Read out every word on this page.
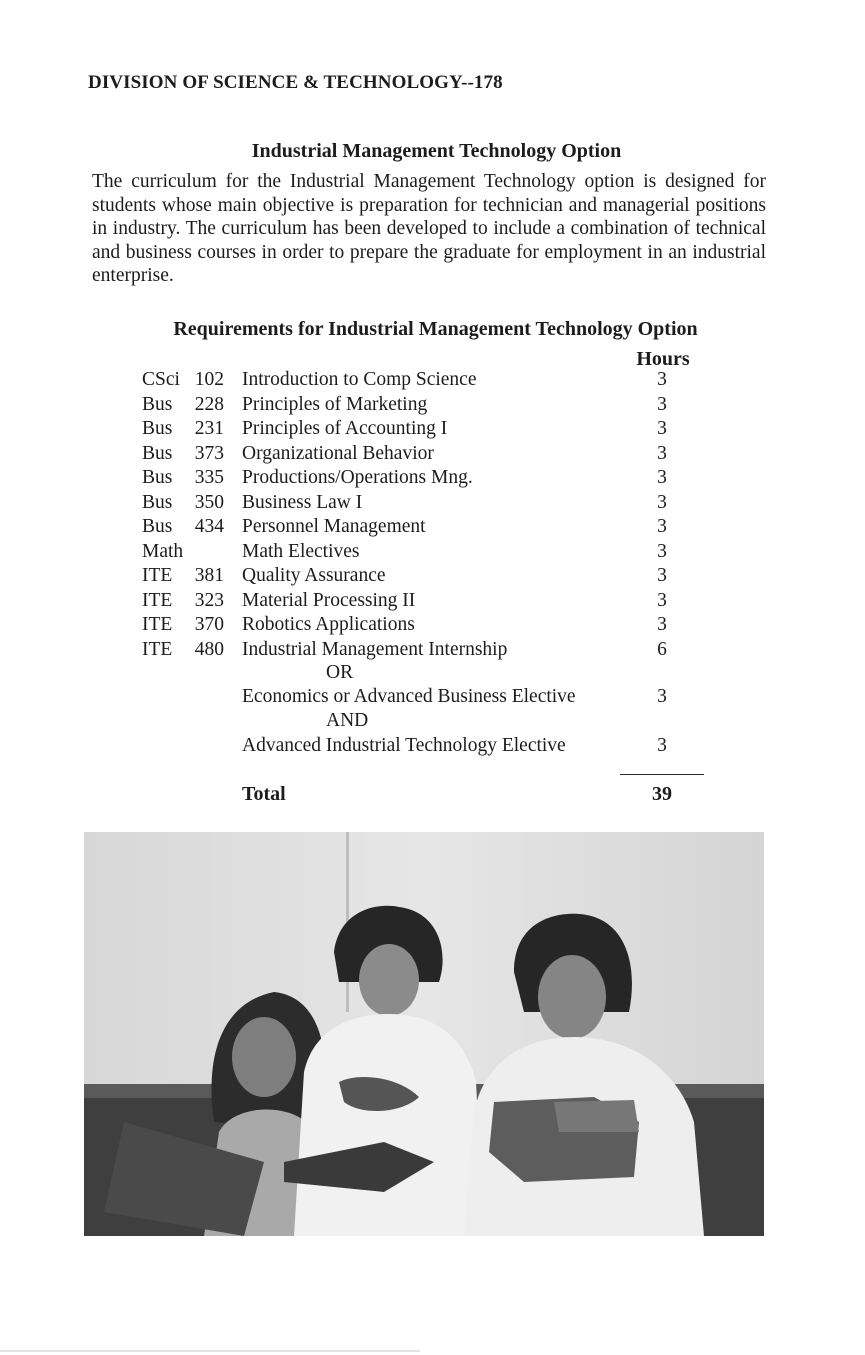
DIVISION OF SCIENCE & TECHNOLOGY--178
Industrial Management Technology Option

The curriculum for the Industrial Management Technology option is designed for students whose main objective is preparation for technician and managerial positions in industry. The curriculum has been developed to include a combination of technical and business courses in order to prepare the graduate for employment in an industrial enterprise.

Requirements for Industrial Management Technology Option
Hours
CSci 102 Introduction to Comp Science	3
Bus 228 Principles of Marketing	3
Bus 231 Principles of Accounting I	3
Bus 373 Organizational Behavior	3
Bus 335 Productions/Operations Mng.	3
Bus 350 Business Law I	3
Bus 434 Personnel Management	3
Math	Math Electives	3
ITE 381 Quality Assurance	3
ITE 323 Material Processing II	3
ITE 370 Robotics Applications	3
ITE 480 Industrial Management Internship	6
OR
Economics or Advanced Business Elective	3
AND
Advanced Industrial Technology Elective	3
Total	39
